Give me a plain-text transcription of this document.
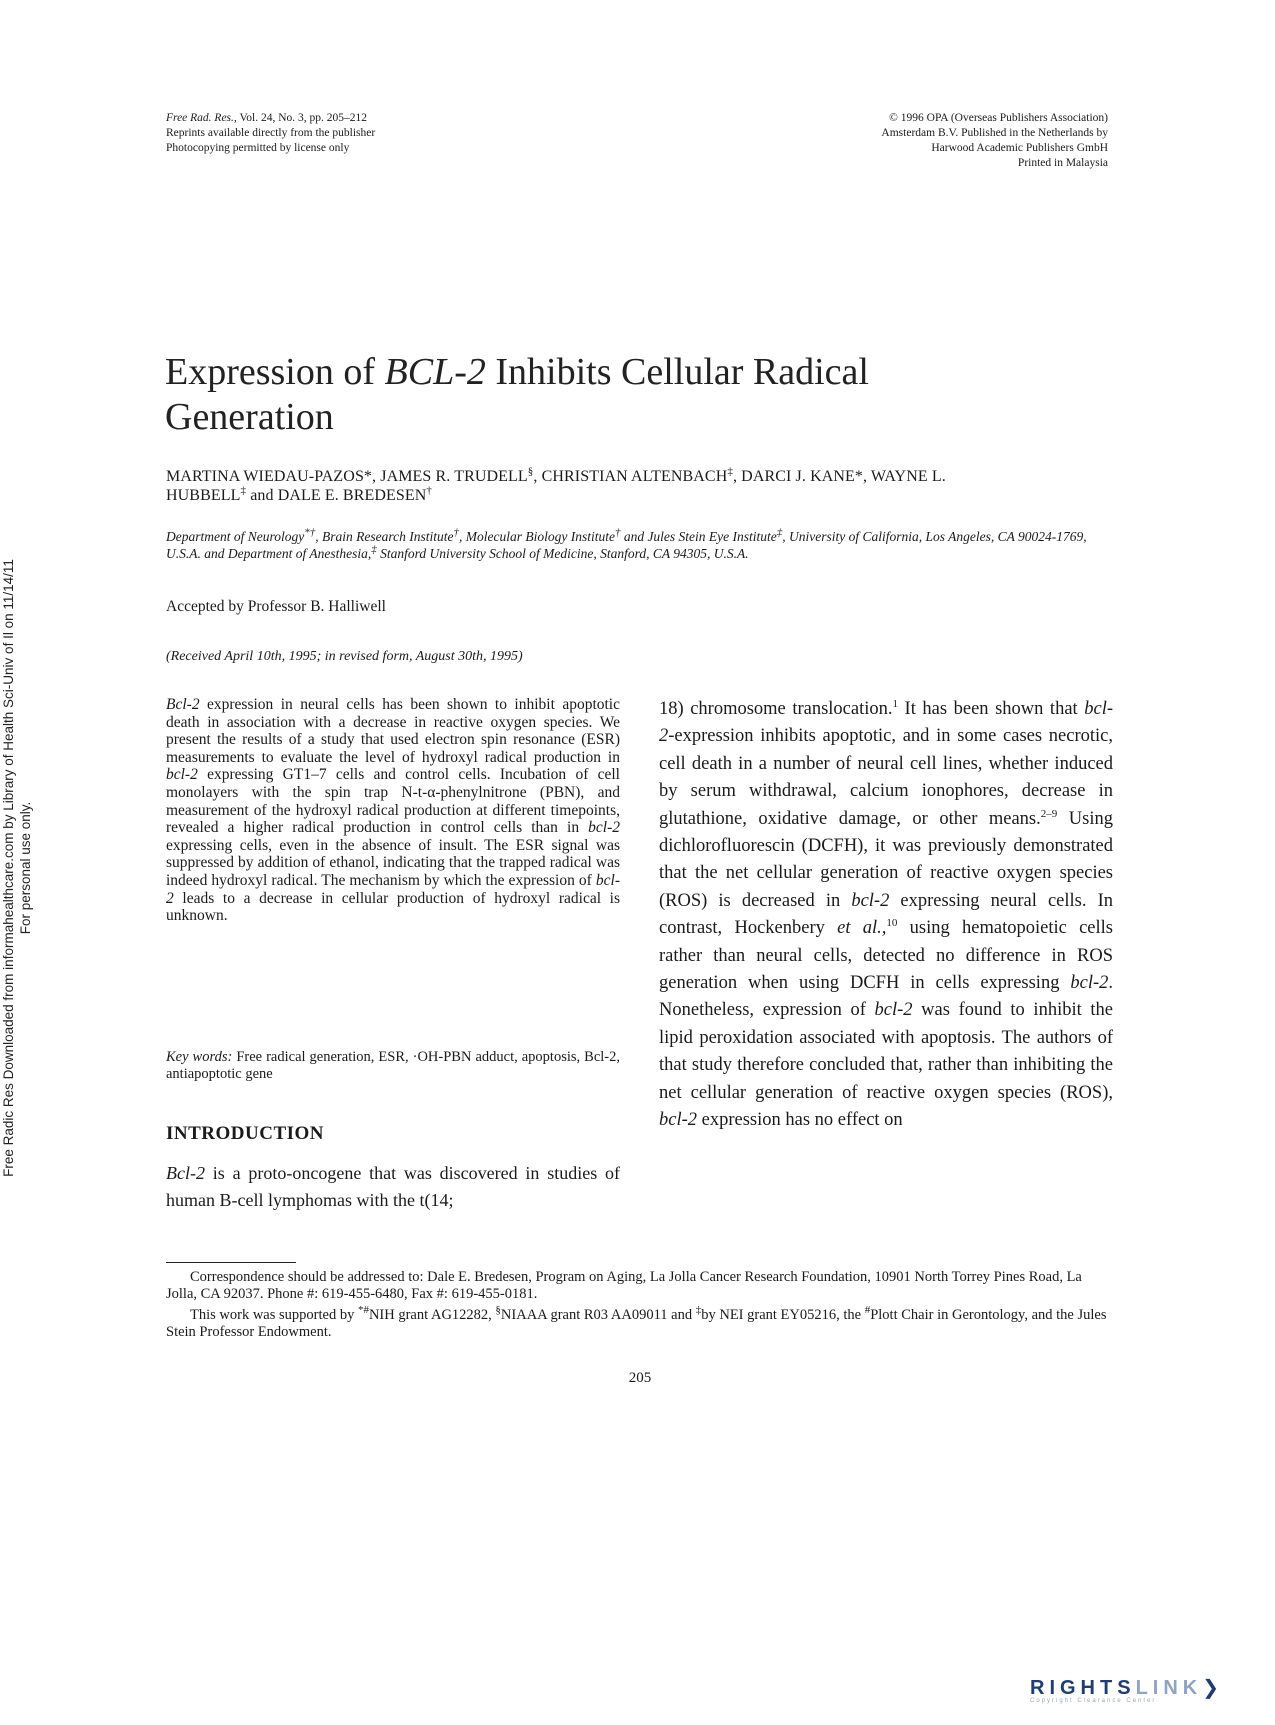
Free Rad. Res., Vol. 24, No. 3, pp. 205–212
Reprints available directly from the publisher
Photocopying permitted by license only
© 1996 OPA (Overseas Publishers Association)
Amsterdam B.V. Published in the Netherlands by
Harwood Academic Publishers GmbH
Printed in Malaysia
Expression of BCL-2 Inhibits Cellular Radical
Generation
MARTINA WIEDAU-PAZOS*, JAMES R. TRUDELL§, CHRISTIAN ALTENBACH‡, DARCI J. KANE*, WAYNE L.
HUBBELL‡ and DALE E. BREDESEN†
Department of Neurology*†, Brain Research Institute†, Molecular Biology Institute† and Jules Stein Eye Institute‡, University of California, Los Angeles, CA 90024-1769, U.S.A. and Department of Anesthesia,‡ Stanford University School of Medicine, Stanford, CA 94305, U.S.A.
Accepted by Professor B. Halliwell
(Received April 10th, 1995; in revised form, August 30th, 1995)
Bcl-2 expression in neural cells has been shown to inhibit apoptotic death in association with a decrease in reactive oxygen species. We present the results of a study that used electron spin resonance (ESR) measurements to evaluate the level of hydroxyl radical production in bcl-2 expressing GT1–7 cells and control cells. Incubation of cell monolayers with the spin trap N-t-α-phenylnitrone (PBN), and measurement of the hydroxyl radical production at different timepoints, revealed a higher radical production in control cells than in bcl-2 expressing cells, even in the absence of insult. The ESR signal was suppressed by addition of ethanol, indicating that the trapped radical was indeed hydroxyl radical. The mechanism by which the expression of bcl-2 leads to a decrease in cellular production of hydroxyl radical is unknown.
Key words: Free radical generation, ESR, ·OH-PBN adduct, apoptosis, Bcl-2, antiapoptotic gene
INTRODUCTION
Bcl-2 is a proto-oncogene that was discovered in studies of human B-cell lymphomas with the t(14;
18) chromosome translocation.$^1$ It has been shown that bcl-2-expression inhibits apoptotic, and in some cases necrotic, cell death in a number of neural cell lines, whether induced by serum withdrawal, calcium ionophores, decrease in glutathione, oxidative damage, or other means.$^{2-9}$ Using dichlorofluorescin (DCFH), it was previously demonstrated that the net cellular generation of reactive oxygen species (ROS) is decreased in bcl-2 expressing neural cells. In contrast, Hockenbery et al.,$^{10}$ using hematopoietic cells rather than neural cells, detected no difference in ROS generation when using DCFH in cells expressing bcl-2. Nonetheless, expression of bcl-2 was found to inhibit the lipid peroxidation associated with apoptosis. The authors of that study therefore concluded that, rather than inhibiting the net cellular generation of reactive oxygen species (ROS), bcl-2 expression has no effect on
Correspondence should be addressed to: Dale E. Bredesen, Program on Aging, La Jolla Cancer Research Foundation, 10901 North Torrey Pines Road, La Jolla, CA 92037. Phone #: 619-455-6480, Fax #: 619-455-0181.
This work was supported by *#NIH grant AG12282, §NIAAA grant R03 AA09011 and ‡by NEI grant EY05216, the #Plott Chair in Gerontology, and the Jules Stein Professor Endowment.
205
Free Radic Res Downloaded from informahealthcare.com by Library of Health Sci-Univ of Il on 11/14/11 For personal use only.
RIGHTSLINK❯
Copyright Clearance Center
